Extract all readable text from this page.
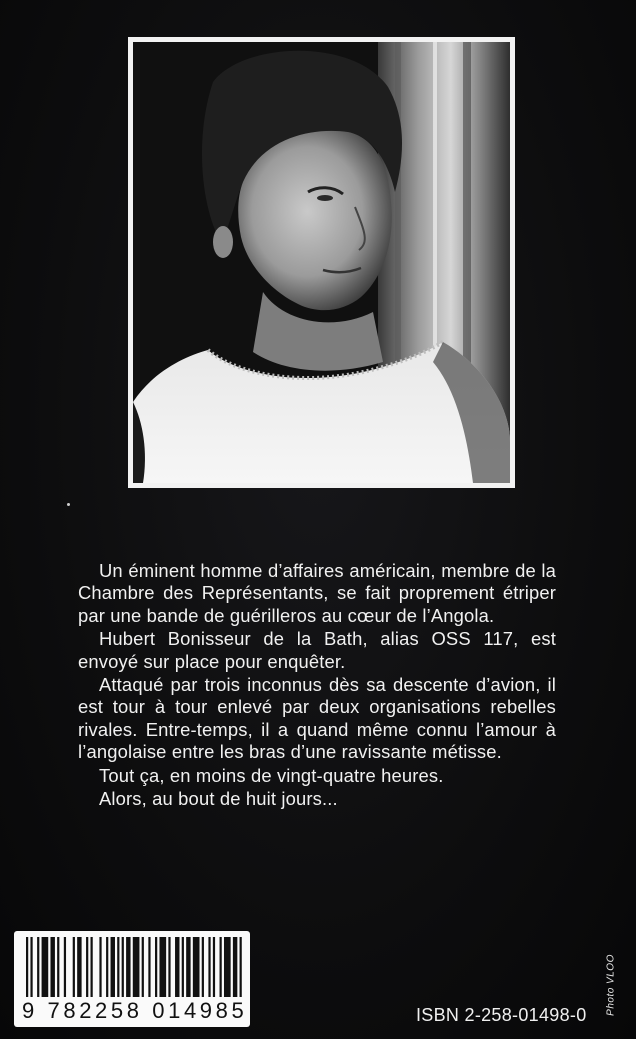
Un éminent homme d’affaires américain, membre de la Chambre des Représentants, se fait proprement étriper par une bande de guérilleros au cœur de l’Angola.

Hubert Bonisseur de la Bath, alias OSS 117, est envoyé sur place pour enquêter.

Attaqué par trois inconnus dès sa descente d’avion, il est tour à tour enlevé par deux organisations rebelles rivales. Entre-temps, il a quand même connu l’amour à l’angolaise entre les bras d’une ravissante métisse.

Tout ça, en moins de vingt-quatre heures.

Alors, au bout de huit jours...

9 782258 014985	ISBN 2-258-01498-0 Photo VLOO
